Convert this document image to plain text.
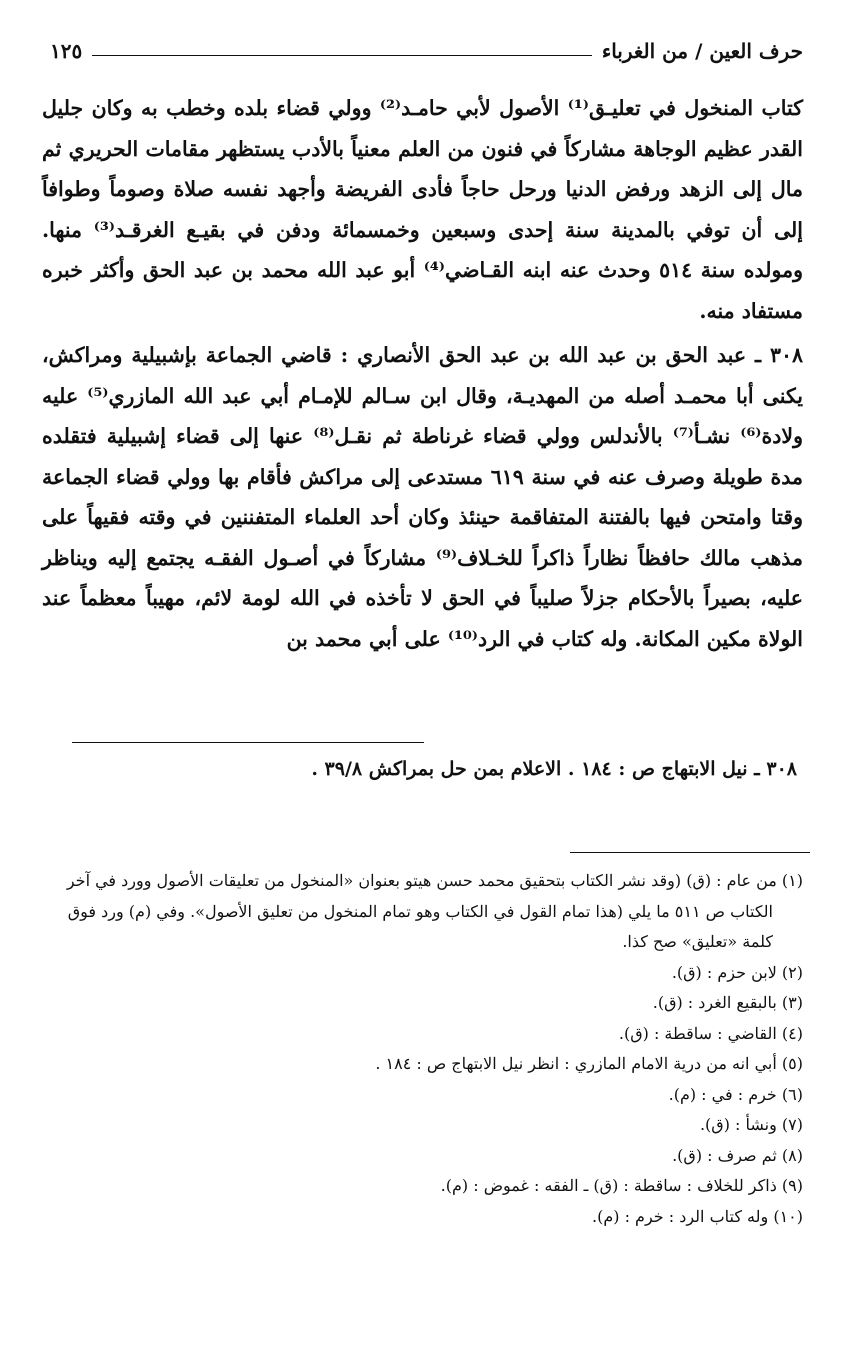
حرف العين / من الغرباء
١٢٥

كتاب المنخول في تعليـق⁽¹⁾ الأصول لأبي حامـد⁽²⁾ وولي قضاء بلده وخطب به وكان جليل القدر عظيم الوجاهة مشاركاً في فنون من العلم معنياً بالأدب يستظهر مقامات الحريري ثم مال إلى الزهد ورفض الدنيا ورحل حاجاً فأدى الفريضة وأجهد نفسه صلاة وصوماً وطوافاً إلى أن توفي بالمدينة سنة إحدى وسبعين وخمسمائة ودفن في بقيـع الغرقـد⁽³⁾ منها. ومولده سنة ٥١٤ وحدث عنه ابنه القـاضي⁽⁴⁾ أبو عبد الله محمد بن عبد الحق وأكثر خبره مستفاد منه.

٣٠٨ ـ عبد الحق بن عبد الله بن عبد الحق الأنصاري : قاضي الجماعة بإشبيلية ومراكش، يكنى أبا محمـد أصله من المهديـة، وقال ابن سـالم للإمـام أبي عبد الله المازري⁽⁵⁾ عليه ولادة⁽⁶⁾ نشـأ⁽⁷⁾ بالأندلس وولي قضاء غرناطة ثم نقـل⁽⁸⁾ عنها إلى قضاء إشبيلية فتقلده مدة طويلة وصرف عنه في سنة ٦١٩ مستدعى إلى مراكش فأقام بها وولي قضاء الجماعة وقتا وامتحن فيها بالفتنة المتفاقمة حينئذ وكان أحد العلماء المتفننين في وقته فقيهاً على مذهب مالك حافظاً نظاراً ذاكراً للخـلاف⁽⁹⁾ مشاركاً في أصـول الفقـه يجتمع إليه ويناظر عليه، بصيراً بالأحكام جزلاً صليباً في الحق لا تأخذه في الله لومة لائم، مهيباً معظماً عند الولاة مكين المكانة. وله كتاب في الرد⁽¹⁰⁾ على أبي محمد بن

٣٠٨ ـ نيل الابتهاج ص : ١٨٤ . الاعلام بمن حل بمراكش ٣٩/٨ .
(١) من عام : (ق) (وقد نشر الكتاب بتحقيق محمد حسن هيتو بعنوان «المنخول من تعليقات الأصول وورد في آخر الكتاب ص ٥١١ ما يلي (هذا تمام القول في الكتاب وهو تمام المنخول من تعليق الأصول». وفي (م) ورد فوق كلمة «تعليق» صح كذا.
(٢) لابن حزم : (ق).
(٣) بالبقيع الغرد : (ق).
(٤) القاضي : ساقطة : (ق).
(٥) أبي انه من درية الامام المازري : انظر نيل الابتهاج ص : ١٨٤ .
(٦) خرم : في : (م).
(٧) ونشأ : (ق).
(٨) ثم صرف : (ق).
(٩) ذاكر للخلاف : ساقطة : (ق) ـ الفقه : غموض : (م).
(١٠) وله كتاب الرد : خرم : (م).
